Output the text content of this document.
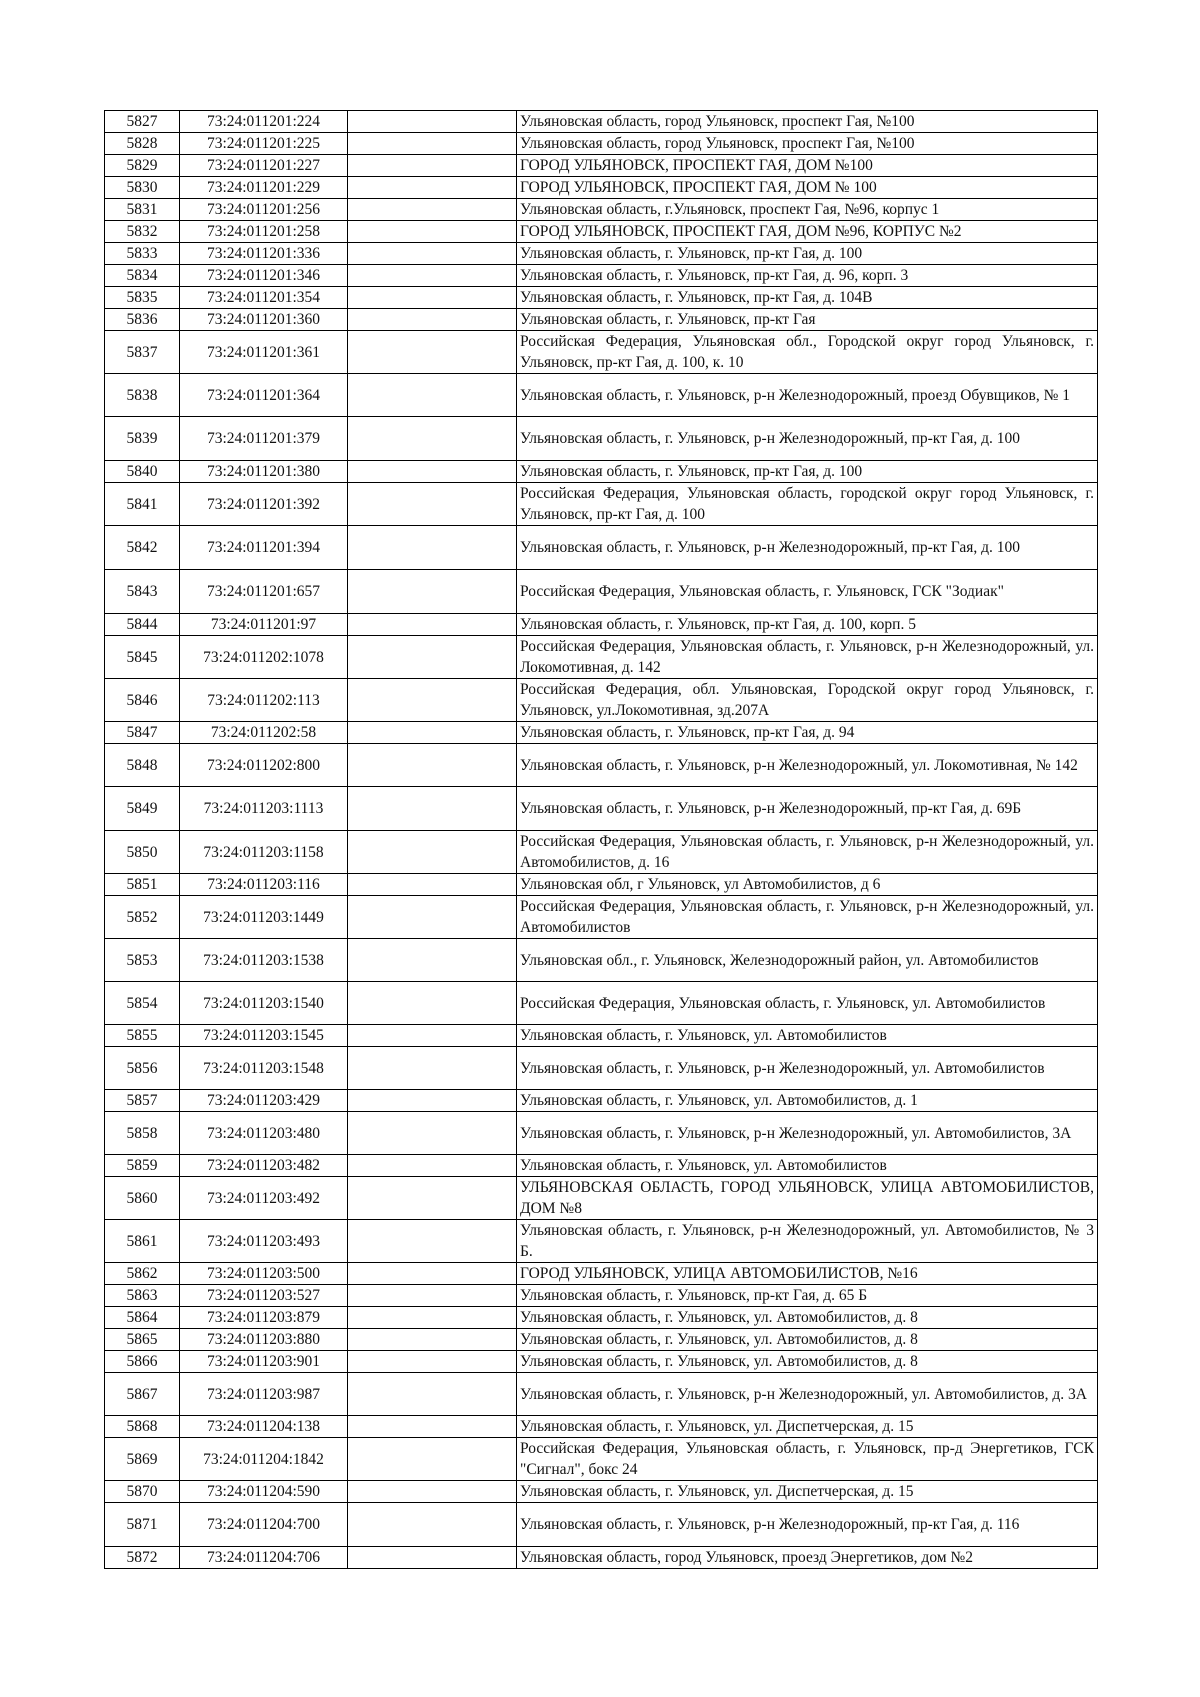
5827	73:24:011201:224		Ульяновская область, город Ульяновск, проспект Гая, №100
5828	73:24:011201:225		Ульяновская область, город Ульяновск, проспект Гая, №100
5829	73:24:011201:227		ГОРОД УЛЬЯНОВСК, ПРОСПЕКТ ГАЯ, ДОМ №100
5830	73:24:011201:229		ГОРОД УЛЬЯНОВСК, ПРОСПЕКТ ГАЯ, ДОМ № 100
5831	73:24:011201:256		Ульяновская область, г.Ульяновск, проспект Гая, №96, корпус 1
5832	73:24:011201:258		ГОРОД УЛЬЯНОВСК, ПРОСПЕКТ ГАЯ, ДОМ №96, КОРПУС №2
5833	73:24:011201:336		Ульяновская область, г. Ульяновск, пр-кт Гая, д. 100
5834	73:24:011201:346		Ульяновская область, г. Ульяновск, пр-кт Гая, д. 96, корп. 3
5835	73:24:011201:354		Ульяновская область, г. Ульяновск, пр-кт Гая, д. 104В
5836	73:24:011201:360		Ульяновская область, г. Ульяновск, пр-кт Гая
5837	73:24:011201:361		Российская Федерация, Ульяновская обл., Городской округ город Ульяновск, г. Ульяновск, пр-кт Гая, д. 100, к. 10
5838	73:24:011201:364		Ульяновская область, г. Ульяновск, р-н Железнодорожный, проезд Обувщиков, № 1
5839	73:24:011201:379		Ульяновская область, г. Ульяновск, р-н Железнодорожный, пр-кт Гая, д. 100
5840	73:24:011201:380		Ульяновская область, г. Ульяновск, пр-кт Гая, д. 100
5841	73:24:011201:392		Российская Федерация, Ульяновская область, городской округ город Ульяновск, г. Ульяновск, пр-кт Гая, д. 100
5842	73:24:011201:394		Ульяновская область, г. Ульяновск, р-н Железнодорожный, пр-кт Гая, д. 100
5843	73:24:011201:657		Российская Федерация, Ульяновская область, г. Ульяновск, ГСК "Зодиак"
5844	73:24:011201:97		Ульяновская область, г. Ульяновск, пр-кт Гая, д. 100, корп. 5
5845	73:24:011202:1078		Российская Федерация, Ульяновская область, г. Ульяновск, р-н Железнодорожный, ул. Локомотивная, д. 142
5846	73:24:011202:113		Российская Федерация, обл. Ульяновская, Городской округ город Ульяновск, г. Ульяновск, ул.Локомотивная, зд.207А
5847	73:24:011202:58		Ульяновская область, г. Ульяновск, пр-кт Гая, д. 94
5848	73:24:011202:800		Ульяновская область, г. Ульяновск, р-н Железнодорожный, ул. Локомотивная, № 142
5849	73:24:011203:1113		Ульяновская область, г. Ульяновск, р-н Железнодорожный, пр-кт Гая, д. 69Б
5850	73:24:011203:1158		Российская Федерация, Ульяновская область, г. Ульяновск, р-н Железнодорожный, ул. Автомобилистов, д. 16
5851	73:24:011203:116		Ульяновская обл, г Ульяновск, ул Автомобилистов, д 6
5852	73:24:011203:1449		Российская Федерация, Ульяновская область, г. Ульяновск, р-н Железнодорожный, ул. Автомобилистов
5853	73:24:011203:1538		Ульяновская обл., г. Ульяновск, Железнодорожный район, ул. Автомобилистов
5854	73:24:011203:1540		Российская Федерация, Ульяновская область, г. Ульяновск, ул. Автомобилистов
5855	73:24:011203:1545		Ульяновская область, г. Ульяновск, ул. Автомобилистов
5856	73:24:011203:1548		Ульяновская область, г. Ульяновск, р-н Железнодорожный, ул. Автомобилистов
5857	73:24:011203:429		Ульяновская область, г. Ульяновск, ул. Автомобилистов, д. 1
5858	73:24:011203:480		Ульяновская область, г. Ульяновск, р-н Железнодорожный, ул. Автомобилистов, 3А
5859	73:24:011203:482		Ульяновская область, г. Ульяновск, ул. Автомобилистов
5860	73:24:011203:492		УЛЬЯНОВСКАЯ ОБЛАСТЬ, ГОРОД УЛЬЯНОВСК, УЛИЦА АВТОМОБИЛИСТОВ, ДОМ №8
5861	73:24:011203:493		Ульяновская область, г. Ульяновск, р-н Железнодорожный, ул. Автомобилистов, № 3 Б.
5862	73:24:011203:500		ГОРОД УЛЬЯНОВСК, УЛИЦА АВТОМОБИЛИСТОВ, №16
5863	73:24:011203:527		Ульяновская область, г. Ульяновск, пр-кт Гая, д. 65 Б
5864	73:24:011203:879		Ульяновская область, г. Ульяновск, ул. Автомобилистов, д. 8
5865	73:24:011203:880		Ульяновская область, г. Ульяновск, ул. Автомобилистов, д. 8
5866	73:24:011203:901		Ульяновская область, г. Ульяновск, ул. Автомобилистов, д. 8
5867	73:24:011203:987		Ульяновская область, г. Ульяновск, р-н Железнодорожный, ул. Автомобилистов, д. 3А
5868	73:24:011204:138		Ульяновская область, г. Ульяновск, ул. Диспетчерская, д. 15
5869	73:24:011204:1842		Российская Федерация, Ульяновская область, г. Ульяновск, пр-д Энергетиков, ГСК "Сигнал", бокс 24
5870	73:24:011204:590		Ульяновская область, г. Ульяновск, ул. Диспетчерская, д. 15
5871	73:24:011204:700		Ульяновская область, г. Ульяновск, р-н Железнодорожный, пр-кт Гая, д. 116
5872	73:24:011204:706		Ульяновская область, город Ульяновск, проезд Энергетиков, дом №2
